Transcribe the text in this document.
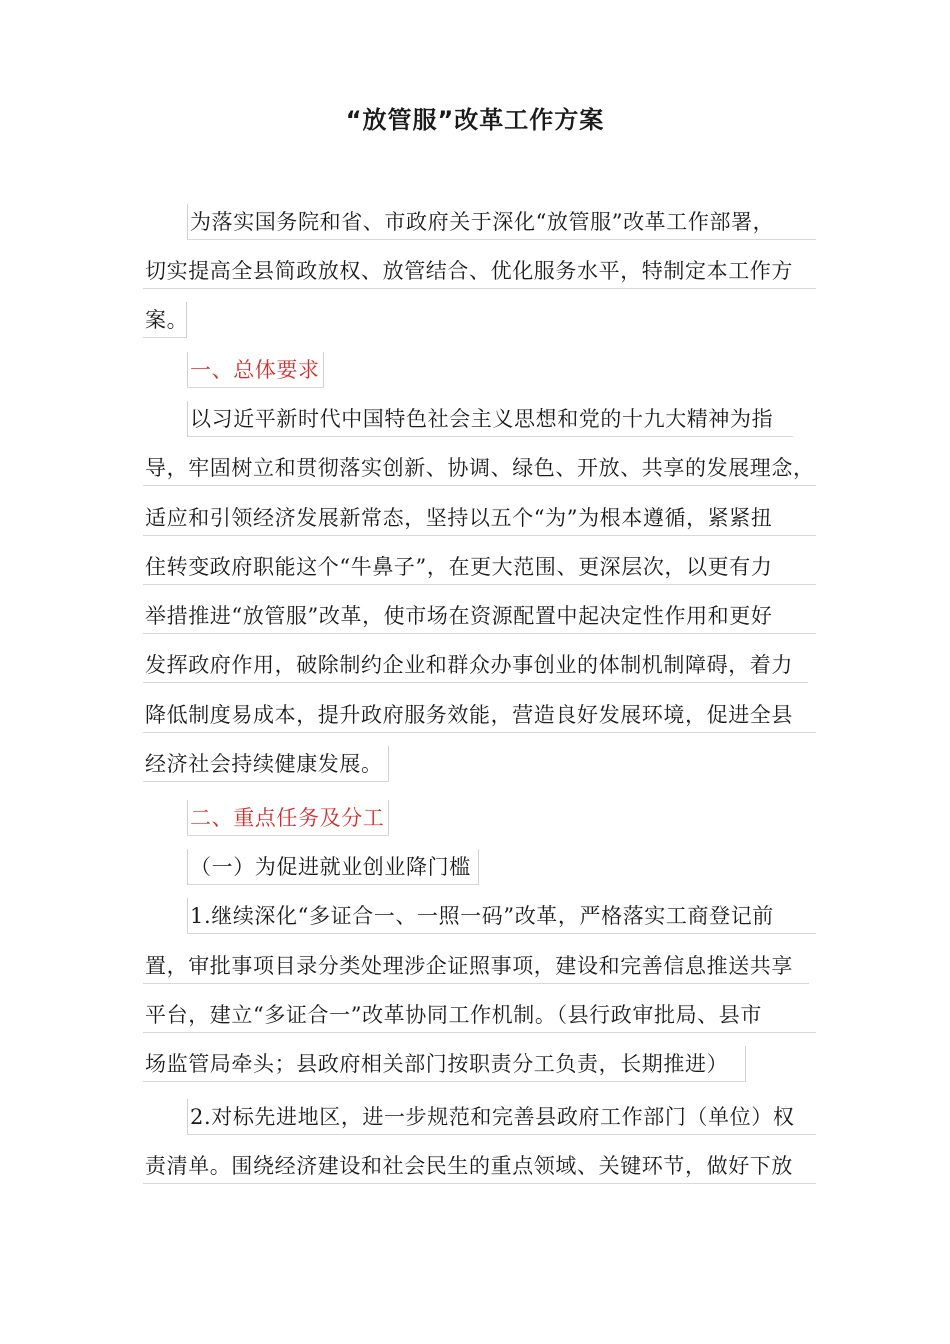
“放管服”改革工作方案
为落实国务院和省、市政府关于深化“放管服”改革工作部署，
切实提高全县简政放权、放管结合、优化服务水平，特制定本工作方
案。
一、总体要求
以习近平新时代中国特色社会主义思想和党的十九大精神为指
导，牢固树立和贯彻落实创新、协调、绿色、开放、共享的发展理念，
适应和引领经济发展新常态，坚持以五个“为”为根本遵循，紧紧扭
住转变政府职能这个“牛鼻子”，在更大范围、更深层次，以更有力
举措推进“放管服”改革，使市场在资源配置中起决定性作用和更好
发挥政府作用，破除制约企业和群众办事创业的体制机制障碍，着力
降低制度易成本，提升政府服务效能，营造良好发展环境，促进全县
经济社会持续健康发展。
二、重点任务及分工
（一）为促进就业创业降门槛
1.继续深化“多证合一、一照一码”改革，严格落实工商登记前
置，审批事项目录分类处理涉企证照事项，建设和完善信息推送共享
平台，建立“多证合一”改革协同工作机制。（县行政审批局、县市
场监管局牵头；县政府相关部门按职责分工负责，长期推进）
2.对标先进地区，进一步规范和完善县政府工作部门（单位）权
责清单。围绕经济建设和社会民生的重点领域、关键环节，做好下放
